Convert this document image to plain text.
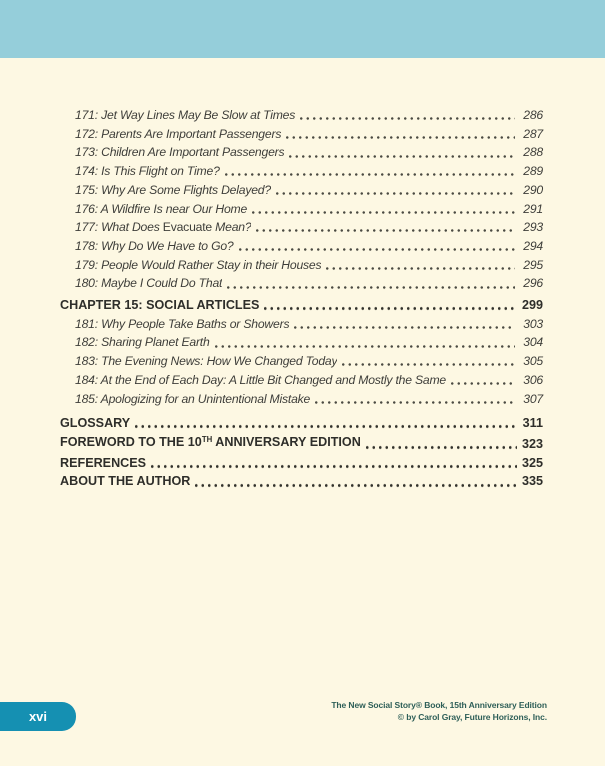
171: Jet Way Lines May Be Slow at Times	286
172: Parents Are Important Passengers	287
173: Children Are Important Passengers	288
174: Is This Flight on Time?	289
175: Why Are Some Flights Delayed?	290
176: A Wildfire Is near Our Home	291
177: What Does Evacuate Mean?	293
178: Why Do We Have to Go?	294
179: People Would Rather Stay in their Houses	295
180: Maybe I Could Do That	296
CHAPTER 15: SOCIAL ARTICLES	299
181: Why People Take Baths or Showers	303
182: Sharing Planet Earth	304
183: The Evening News: How We Changed Today	305
184: At the End of Each Day: A Little Bit Changed and Mostly the Same	306
185: Apologizing for an Unintentional Mistake	307
GLOSSARY	311
FOREWORD TO THE 10TH ANNIVERSARY EDITION	323
REFERENCES	325
ABOUT THE AUTHOR	335
xvi
The New Social Story® Book, 15th Anniversary Edition
© by Carol Gray, Future Horizons, Inc.
